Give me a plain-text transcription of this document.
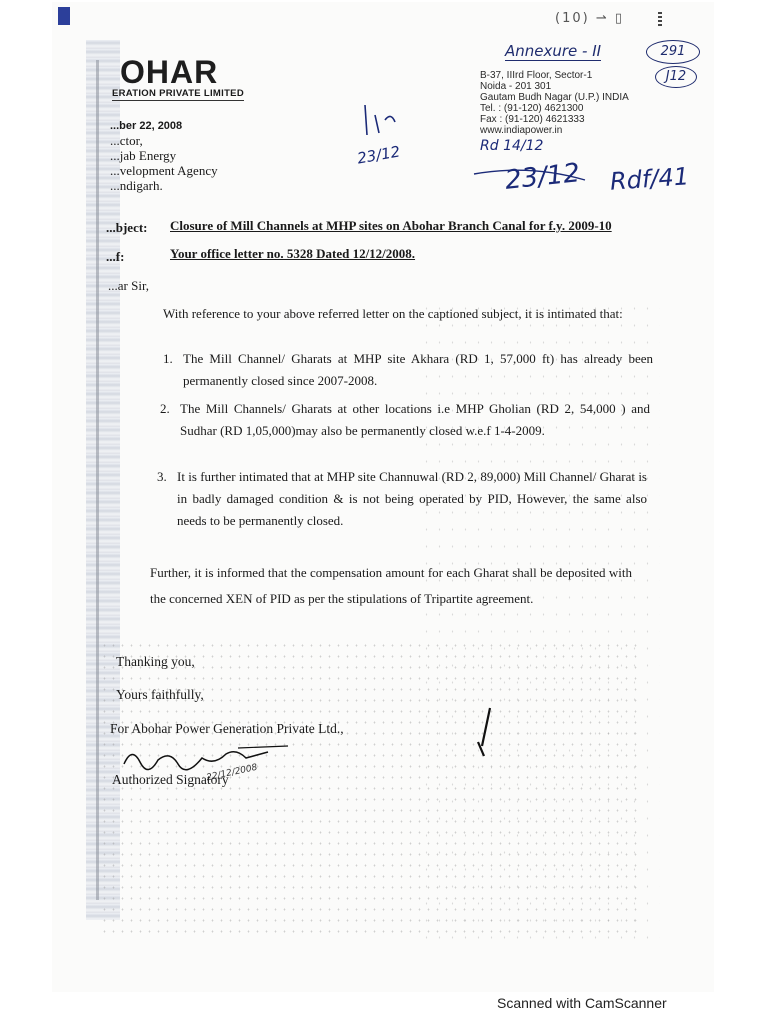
(10) ⇀ ▯
OHAR
ERATION PRIVATE LIMITED
Annexure - II	291
J12
B-37, IIIrd Floor, Sector-1
Noida - 201 301
Gautam Budh Nagar (U.P.) INDIA
Tel. : (91-120) 4621300
Fax : (91-120) 4621333
www.indiapower.in
...ber 22, 2008
...ctor,
...jab Energy
...velopment Agency
...ndigarh.
23/12
23/12
Rd 14/12
Rdf/41
...bject: Closure of Mill Channels at MHP sites on Abohar Branch Canal for f.y. 2009-10
...f:	Your office letter no. 5328 Dated 12/12/2008.
...ar Sir,
With reference to your above referred letter on the captioned subject, it is intimated that:
1. The Mill Channel/ Gharats at MHP site Akhara (RD 1, 57,000 ft) has already been permanently closed since 2007-2008.
2. The Mill Channels/ Gharats at other locations i.e MHP Gholian (RD 2, 54,000 ) and Sudhar (RD 1,05,000)may also be permanently closed w.e.f 1-4-2009.
3. It is further intimated that at MHP site Channuwal (RD 2, 89,000) Mill Channel/ Gharat is in badly damaged condition & is not being operated by PID, However, the same also needs to be permanently closed.
Further, it is informed that the compensation amount for each Gharat shall be deposited with the concerned XEN of PID as per the stipulations of Tripartite agreement.
Thanking you,
Yours faithfully,
For Abohar Power Generation Private Ltd.,
22/12/2008
Authorized Signatory
Scanned with CamScanner
